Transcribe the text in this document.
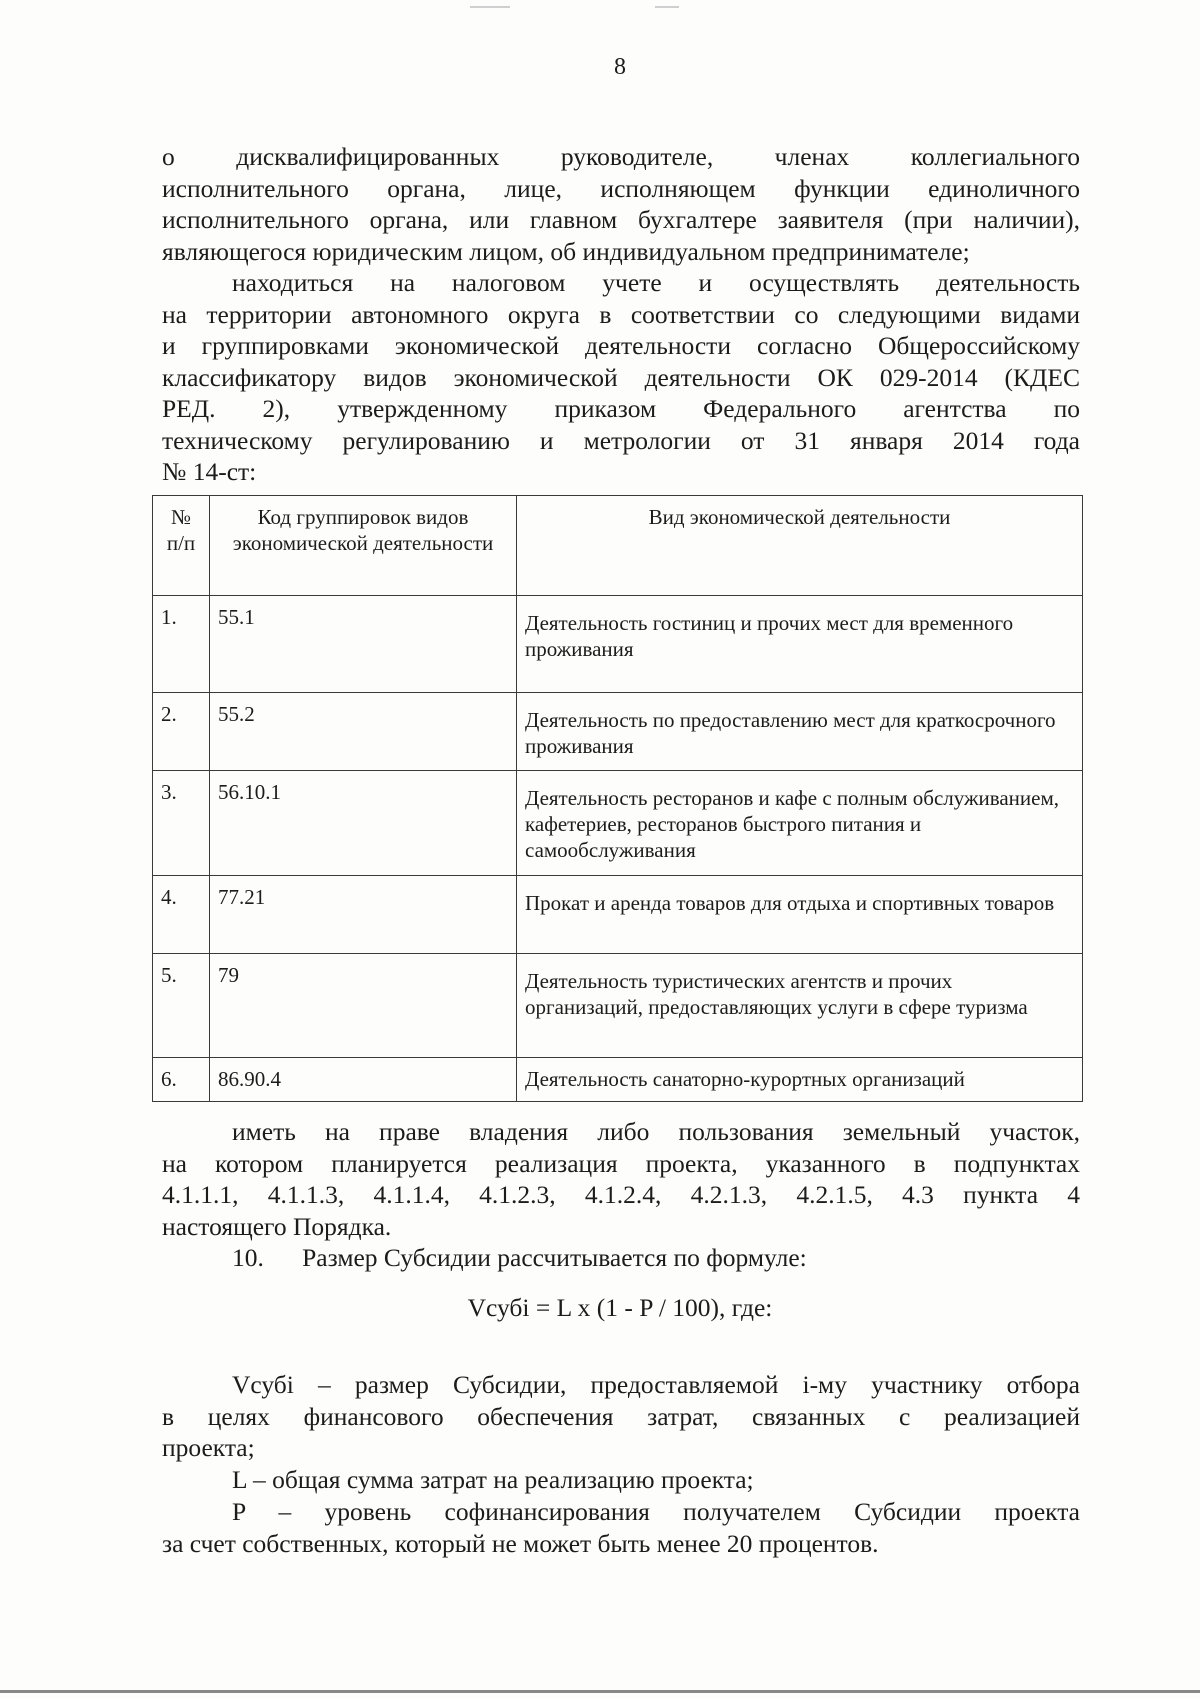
8
о дисквалифицированных руководителе, членах коллегиального
исполнительного органа, лице, исполняющем функции единоличного
исполнительного органа, или главном бухгалтере заявителя (при наличии),
являющегося юридическим лицом, об индивидуальном предпринимателе;
находиться на налоговом учете и осуществлять деятельность
на территории автономного округа в соответствии со следующими видами
и группировками экономической деятельности согласно Общероссийскому
классификатору видов экономической деятельности ОК 029-2014 (КДЕС
РЕД. 2), утвержденному приказом Федерального агентства по
техническому регулированию и метрологии от 31 января 2014 года
№ 14-ст:
№ п/п	Код группировок видов экономической деятельности	Вид экономической деятельности
1.	55.1	Деятельность гостиниц и прочих мест для временного проживания
2.	55.2	Деятельность по предоставлению мест для краткосрочного проживания
3.	56.10.1	Деятельность ресторанов и кафе с полным обслуживанием, кафетериев, ресторанов быстрого питания и самообслуживания
4.	77.21	Прокат и аренда товаров для отдыха и спортивных товаров
5.	79	Деятельность туристических агентств и прочих организаций, предоставляющих услуги в сфере туризма
6.	86.90.4	Деятельность санаторно-курортных организаций
иметь на праве владения либо пользования земельный участок,
на котором планируется реализация проекта, указанного в подпунктах
4.1.1.1, 4.1.1.3, 4.1.1.4, 4.1.2.3, 4.1.2.4, 4.2.1.3, 4.2.1.5, 4.3 пункта 4
настоящего Порядка.
10.  Размер Субсидии рассчитывается по формуле:
Vсубi = L x (1 - P / 100), где:
Vсубi – размер Субсидии, предоставляемой i-му участнику отбора
в целях финансового обеспечения затрат, связанных с реализацией
проекта;
L – общая сумма затрат на реализацию проекта;
P – уровень софинансирования получателем Субсидии проекта
за счет собственных, который не может быть менее 20 процентов.
